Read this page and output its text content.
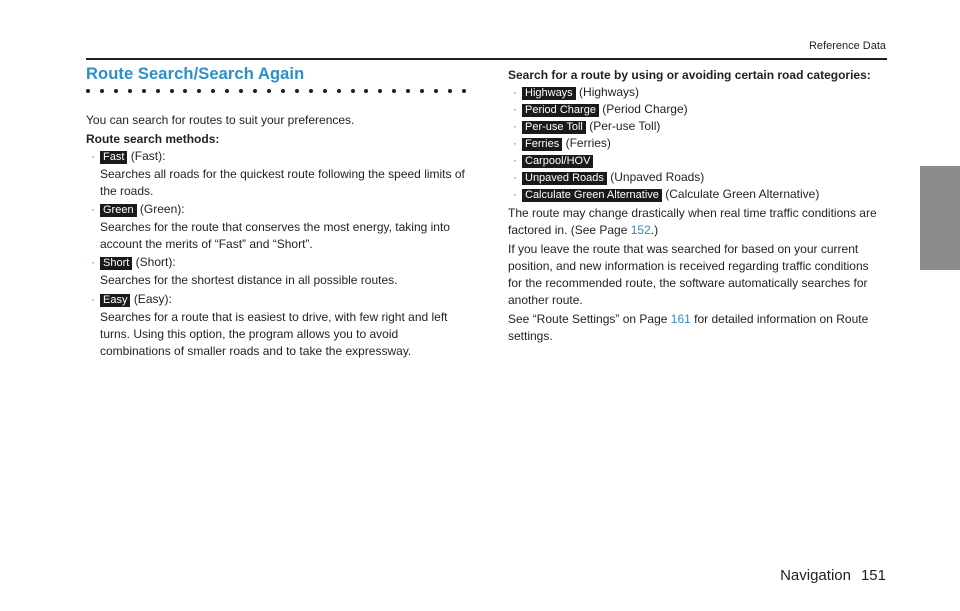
Reference Data
Route Search/Search Again

You can search for routes to suit your preferences.

Route search methods:

· Fast (Fast):
Searches all roads for the quickest route following the speed limits of
the roads.
· Green (Green):
Searches for the route that conserves the most energy, taking into
account the merits of “Fast” and “Short”.
· Short (Short):
Searches for the shortest distance in all possible routes.
· Easy (Easy):
Searches for a route that is easiest to drive, with few right and left
turns. Using this option, the program allows you to avoid
combinations of smaller roads and to take the expressway.

Search for a route by using or avoiding certain road categories:

· Highways (Highways)
· Period Charge (Period Charge)
· Per-use Toll (Per-use Toll)
· Ferries (Ferries)
· Carpool/HOV
· Unpaved Roads (Unpaved Roads)
· Calculate Green Alternative (Calculate Green Alternative)
The route may change drastically when real time traffic conditions are
factored in. (See Page 152.)
If you leave the route that was searched for based on your current
position, and new information is received regarding traffic conditions
for the recommended route, the software automatically searches for
another route.
See “Route Settings” on Page 161 for detailed information on Route
settings.
Navigation 151
